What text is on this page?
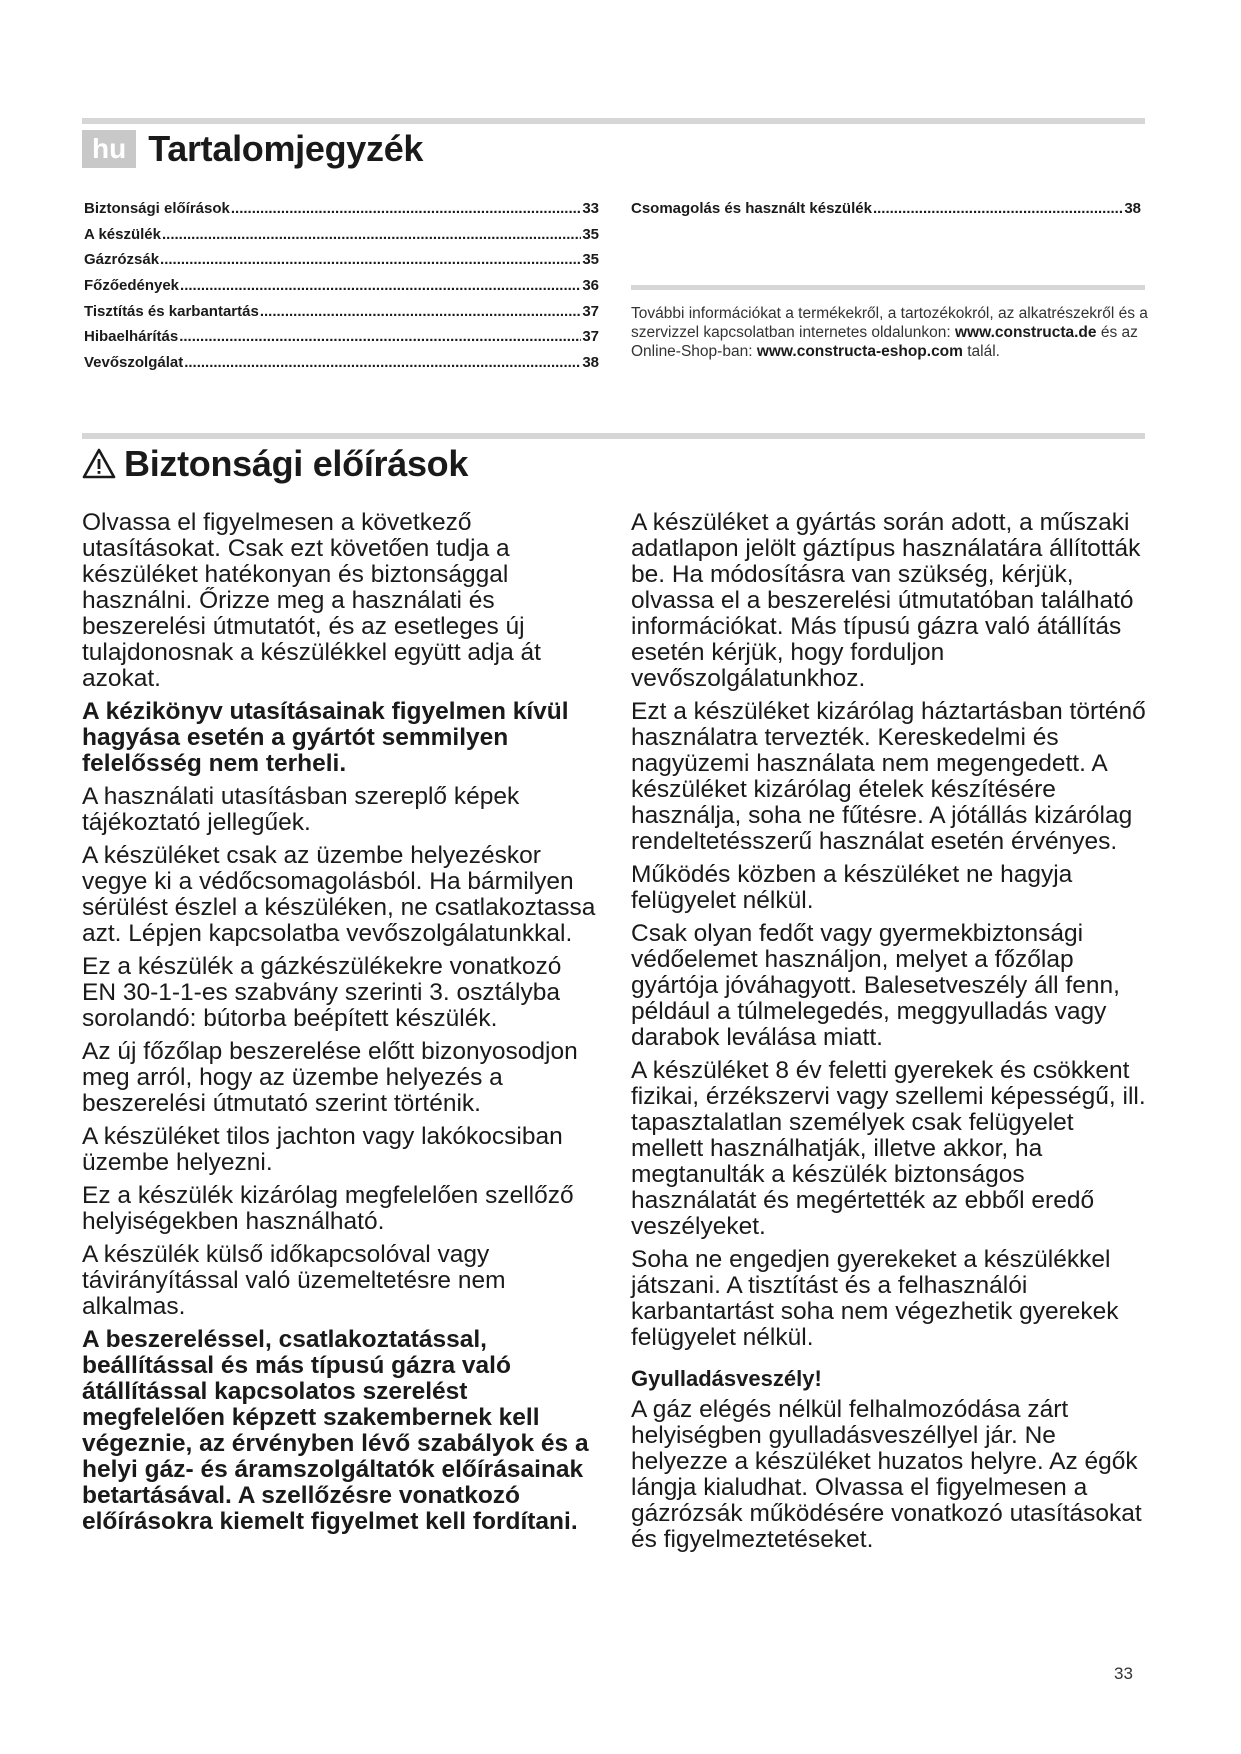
hu Tartalomjegyzék
Biztonsági előírások .....	33
A készülék .....	35
Gázrózsák .....	35
Főzőedények .....	36
Tisztítás és karbantartás .....	37
Hibaelhárítás .....	37
Vevőszolgálat .....	38
Csomagolás és használt készülék .....	38

További információkat a termékekről, a tartozékokról, az alkatrészekről és a szervizzel kapcsolatban internetes oldalunkon: www.constructa.de és az Online-Shop-ban: www.constructa-eshop.com talál.

Biztonsági előírások

Olvassa el figyelmesen a következő utasításokat. Csak ezt követően tudja a készüléket hatékonyan és biztonsággal használni. Őrizze meg a használati és beszerelési útmutatót, és az esetleges új tulajdonosnak a készülékkel együtt adja át azokat.

A kézikönyv utasításainak figyelmen kívül hagyása esetén a gyártót semmilyen felelősség nem terheli.

A használati utasításban szereplő képek tájékoztató jellegűek.

A készüléket csak az üzembe helyezéskor vegye ki a védőcsomagolásból. Ha bármilyen sérülést észlel a készüléken, ne csatlakoztassa azt. Lépjen kapcsolatba vevőszolgálatunkkal.

Ez a készülék a gázkészülékekre vonatkozó EN 30-1-1-es szabvány szerinti 3. osztályba sorolandó: bútorba beépített készülék.

Az új főzőlap beszerelése előtt bizonyosodjon meg arról, hogy az üzembe helyezés a beszerelési útmutató szerint történik.

A készüléket tilos jachton vagy lakókocsiban üzembe helyezni.

Ez a készülék kizárólag megfelelően szellőző helyiségekben használható.

A készülék külső időkapcsolóval vagy távirányítással való üzemeltetésre nem alkalmas.

A beszereléssel, csatlakoztatással, beállítással és más típusú gázra való átállítással kapcsolatos szerelést megfelelően képzett szakembernek kell végeznie, az érvényben lévő szabályok és a helyi gáz- és áramszolgáltatók előírásainak betartásával. A szellőzésre vonatkozó előírásokra kiemelt figyelmet kell fordítani.

A készüléket a gyártás során adott, a műszaki adatlapon jelölt gáztípus használatára állították be. Ha módosításra van szükség, kérjük, olvassa el a beszerelési útmutatóban található információkat. Más típusú gázra való átállítás esetén kérjük, hogy forduljon vevőszolgálatunkhoz.

Ezt a készüléket kizárólag háztartásban történő használatra tervezték. Kereskedelmi és nagyüzemi használata nem megengedett. A készüléket kizárólag ételek készítésére használja, soha ne fűtésre. A jótállás kizárólag rendeltetésszerű használat esetén érvényes.

Működés közben a készüléket ne hagyja felügyelet nélkül.

Csak olyan fedőt vagy gyermekbiztonsági védőelemet használjon, melyet a főzőlap gyártója jóváhagyott. Balesetveszély áll fenn, például a túlmelegedés, meggyulladás vagy darabok leválása miatt.

A készüléket 8 év feletti gyerekek és csökkent fizikai, érzékszervi vagy szellemi képességű, ill. tapasztalatlan személyek csak felügyelet mellett használhatják, illetve akkor, ha megtanulták a készülék biztonságos használatát és megértették az ebből eredő veszélyeket.

Soha ne engedjen gyerekeket a készülékkel játszani. A tisztítást és a felhasználói karbantartást soha nem végezhetik gyerekek felügyelet nélkül.

Gyulladásveszély!

A gáz elégés nélkül felhalmozódása zárt helyiségben gyulladásveszéllyel jár. Ne helyezze a készüléket huzatos helyre. Az égők lángja kialudhat. Olvassa el figyelmesen a gázrózsák működésére vonatkozó utasításokat és figyelmeztetéseket.

33
